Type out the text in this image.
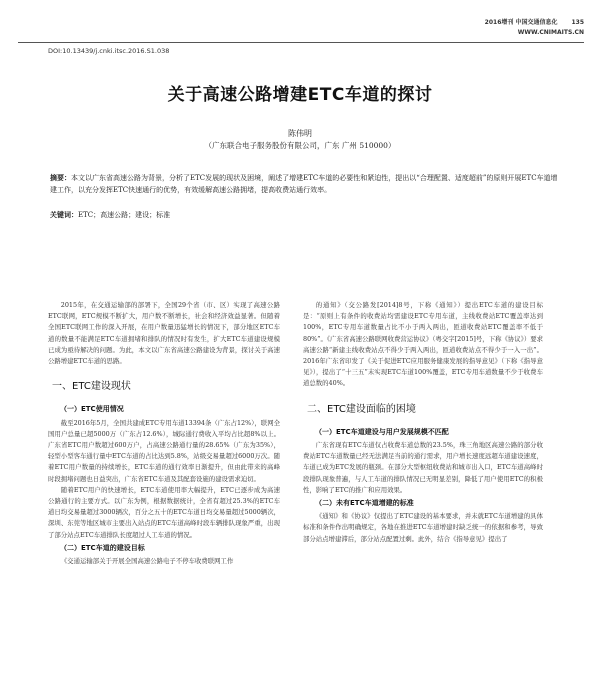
2016增刊 中国交通信息化 135
WWW.CNIMAITS.CN
DOI:10.13439/j.cnki.itsc.2016.S1.038
关于高速公路增建ETC车道的探讨
陈伟明
（广东联合电子服务股份有限公司，广东 广州 510000）
摘要：本文以广东省高速公路为背景，分析了ETC发展的现状及困境，阐述了增建ETC车道的必要性和紧迫性，提出以“合理配置、适度超前”的原则开展ETC车道增建工作，以充分发挥ETC快速通行的优势，有效缓解高速公路拥堵，提高收费站通行效率。
关键词：ETC；高速公路；建设；标准

2015年，在交通运输部的部署下，全国29个省（市、区）实现了高速公路ETC联网，ETC规模不断扩大，用户数不断增长，社会和经济效益显著。但随着全国ETC联网工作的深入开展，在用户数量迅猛增长的情况下，部分地区ETC车道的数量不能满足ETC车道拥堵和排队的情况时有发生，扩大ETC车道建设规模已成为亟待解决的问题。为此，本文以广东省高速公路建设为背景，探讨关于高速公路增建ETC车道的思路。

一、ETC建设现状
（一）ETC使用情况

截至2016年5月，全国共建成ETC专用车道13394条（广东占12%），联网全国用户总量已超5000万（广东占12.6%），城际通行费收入平均占比超8%以上。广东省ETC用户数超过600万户，占高速公路通行量的28.65%（广东为35%），轻型小型客车通行量中ETC车道的占比达到5.8%，站级交易量超过6000万次。随着ETC用户数量的持续增长，ETC车道的通行效率日渐提升，但由此带来的高峰时段拥堵问题也日益突出，广东省ETC车道及其配套设施的建设需求迫切。

随着ETC用户的快速增长，ETC车道使用率大幅提升，ETC已逐步成为高速公路通行的主要方式。以广东为例，根据数据统计，全省有超过25.3%的ETC车道日均交易量超过3000辆次，百分之五十的ETC车道日均交易量超过5000辆次，深圳、东莞等地区城市主要出入站点的ETC车道高峰时段车辆排队现象严重，出现了部分站点ETC车道排队长度超过人工车道的情况。

（二）ETC车道的建设目标

《交通运输部关于开展全国高速公路电子不停车收费联网工作

的通知》（交公路发[2014]8号，下称《通知》）提出ETC车道的建设目标是：“原则上有条件的收费站均需建设ETC专用车道，主线收费站ETC覆盖率达到100%，ETC专用车道数量占比不小于两入两出，匝道收费站ETC覆盖率不低于80%”。《广东省高速公路联网收费营运协议》（粤交字[2015]号，下称《协议》）要求高速公路“新建主线收费站点不得少于两入两出，匝道收费站点不得少于一入一出”。2016年广东省印发了《关于促进ETC应用服务健康发展的指导意见》（下称《指导意见》），提出了“十三五”末实现ETC车道100%覆盖，ETC专用车道数量不少于收费车道总数的40%。

二、ETC建设面临的困境
（一）ETC车道建设与用户发展规模不匹配

广东省现有ETC车道仅占收费车道总数的23.5%，珠三角地区高速公路的部分收费站ETC车道数量已经无法满足当前的通行需求，用户增长速度远超车道建设速度，车道已成为ETC发展的瓶颈。在部分大型枢纽收费站和城市出入口，ETC车道高峰时段排队现象普遍，与人工车道的排队情况已无明显差别，降低了用户使用ETC的积极性，影响了ETC的推广和应用效果。

（二）未有ETC车道增建的标准

《通知》和《协议》仅提出了ETC建设的基本要求，并未就ETC车道增建的具体标准和条件作出明确规定，各地在推进ETC车道增建时缺乏统一的依据和参考，导致部分站点增建滞后，部分站点配置过剩。此外，结合《指导意见》提出了
